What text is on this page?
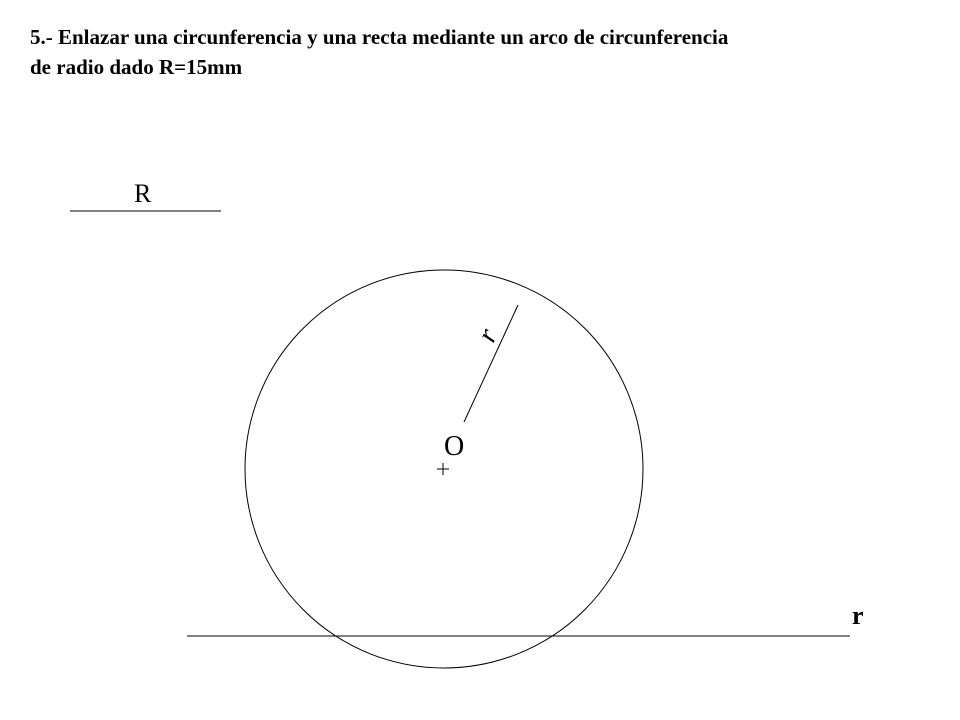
5.- Enlazar una circunferencia y una recta mediante un arco de circunferencia
de radio dado R=15mm
R
r
O
r
